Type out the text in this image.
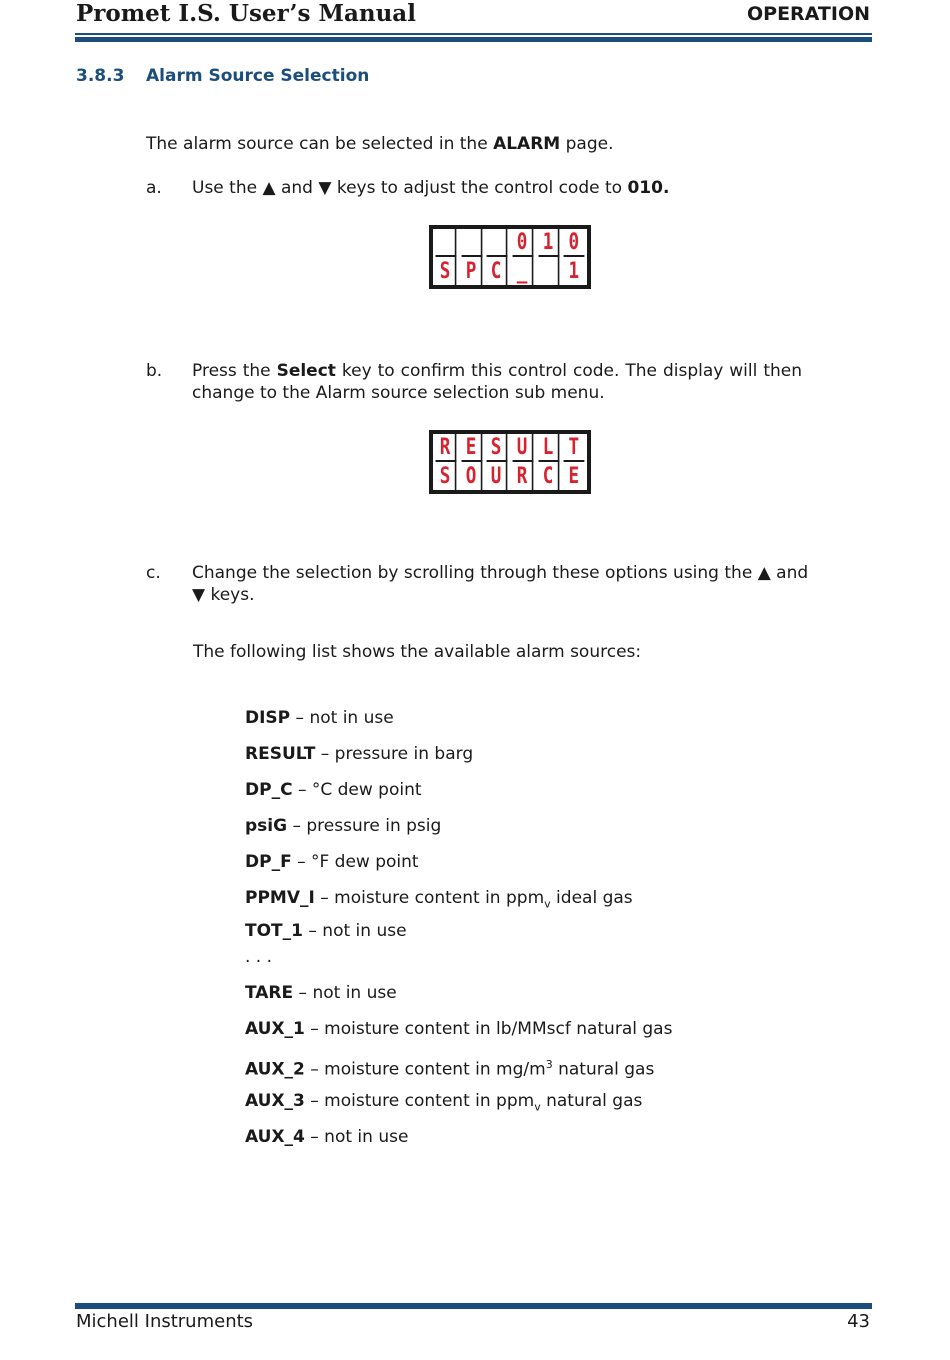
Promet I.S. User’s Manual	OPERATION
3.8.3 Alarm Source Selection
The alarm source can be selected in the ALARM page.
a. Use the ▲ and ▼ keys to adjust the control code to 010.
0 1 0
S P C _ 1
b. Press the Select key to confirm this control code. The display will then
change to the Alarm source selection sub menu.
R E S U L T
S O U R C E
c. Change the selection by scrolling through these options using the ▲ and
▼ keys.
The following list shows the available alarm sources:
DISP – not in use
RESULT – pressure in barg
DP_C – °C dew point
psiG – pressure in psig
DP_F – °F dew point
PPMV_I – moisture content in ppm$_v$ ideal gas
TOT_1 – not in use
TARE – not in use
AUX_1 – moisture content in lb/MMscf natural gas
AUX_2 – moisture content in $mg/m^3$ natural gas
AUX_3 – moisture content in ppm$_v$ natural gas
AUX_4 – not in use
. . .
Michell Instruments	43
